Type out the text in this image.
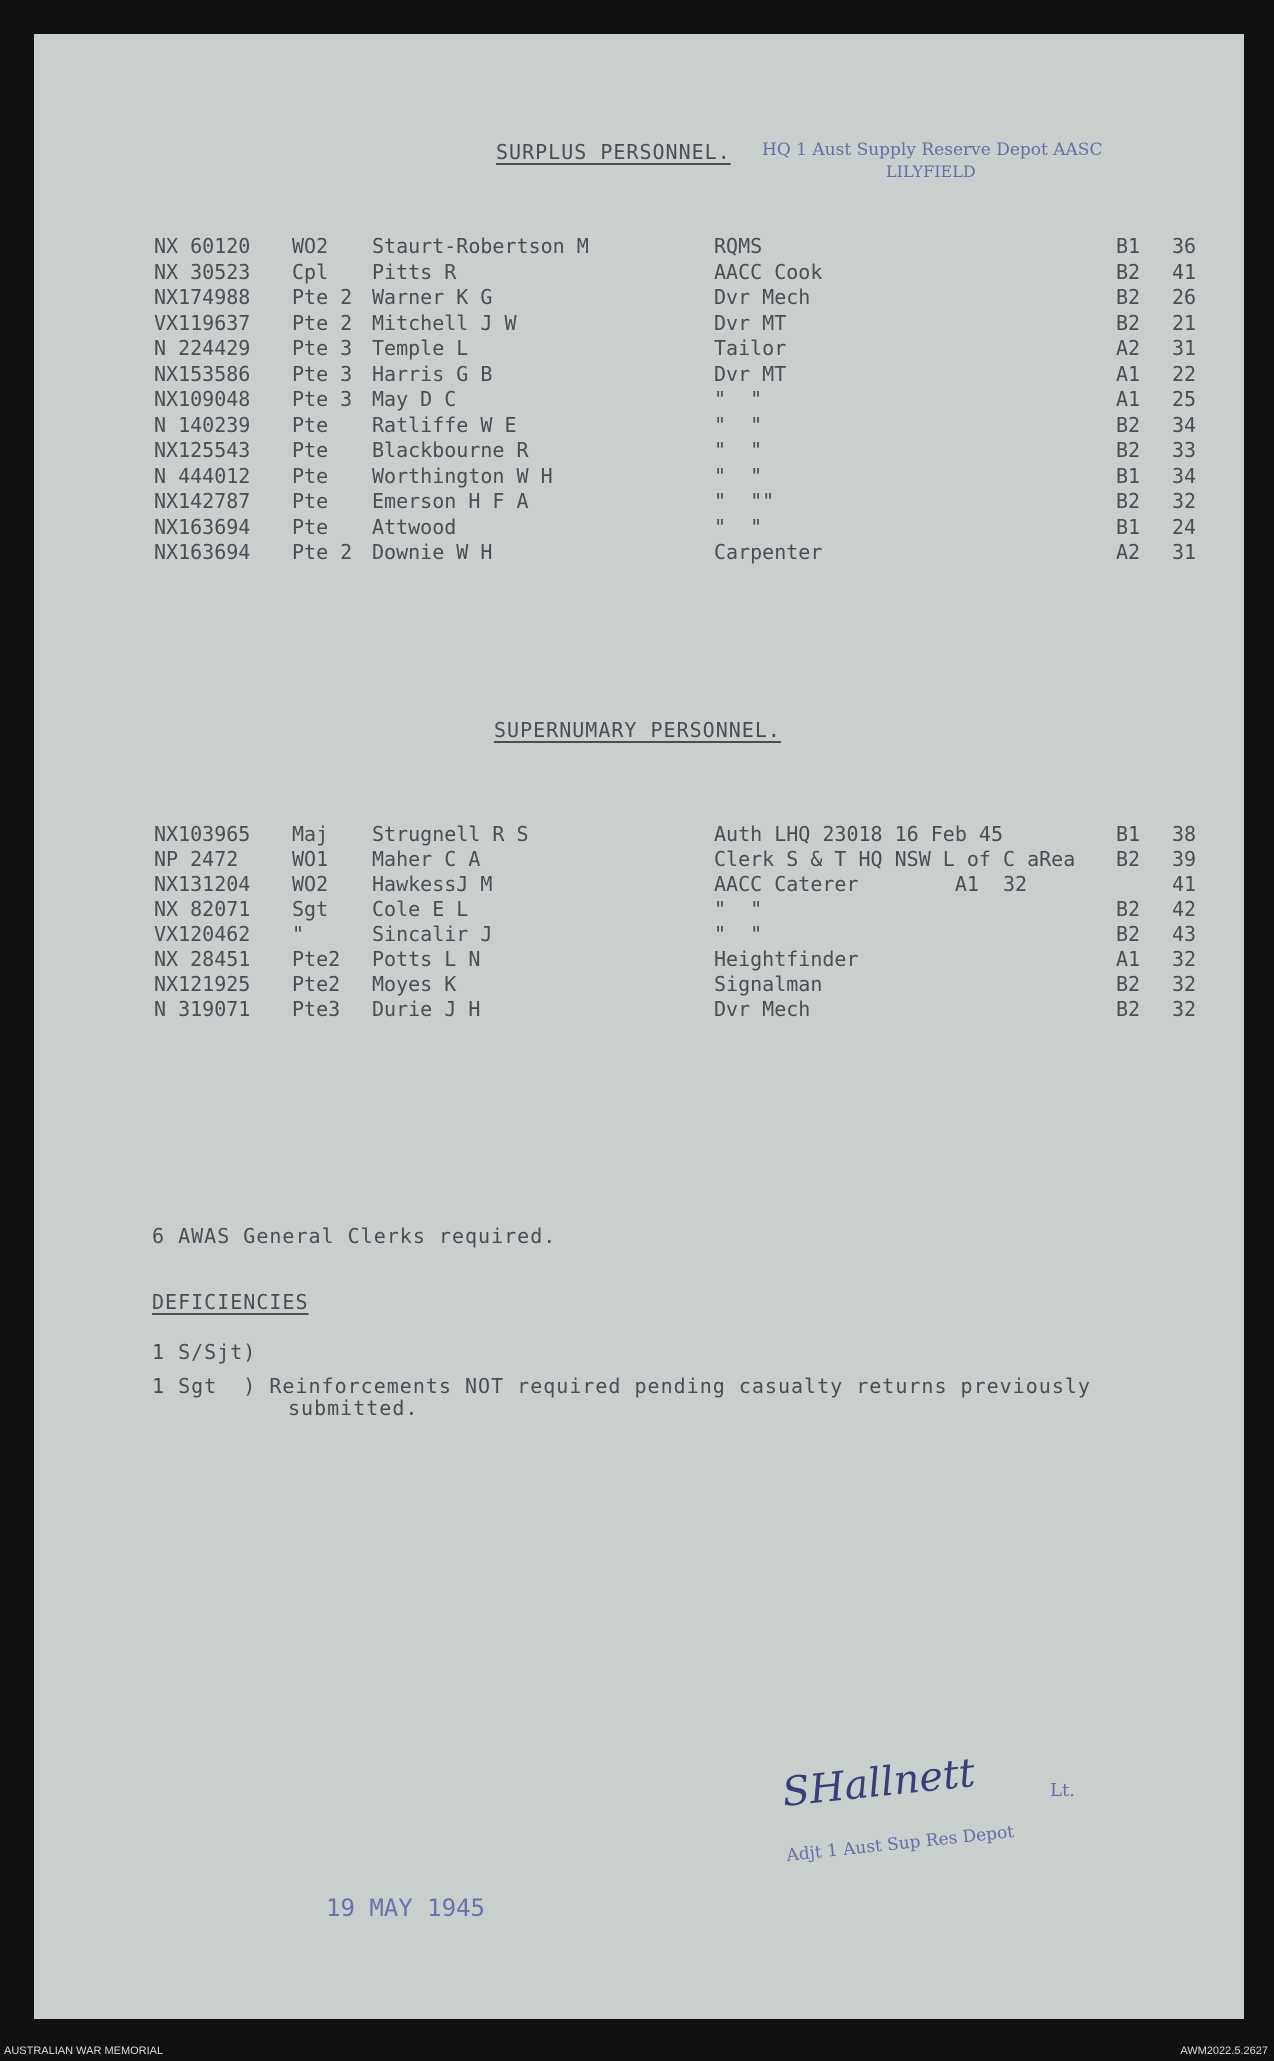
SURPLUS PERSONNEL. HQ 1 Aust Supply Reserve Depot AASC
LILYFIELD
NX 60120 WO2 Staurt-Robertson M	RQMS	B1 36
NX 30523 Cpl Pitts R	AACC Cook	B2 41
NX174988 Pte 2 Warner K G	Dvr Mech	B2 26
VX119637 Pte 2 Mitchell J W	Dvr MT	B2 21
N 224429 Pte 3 Temple L	Tailor	A2 31
NX153586 Pte 3 Harris G B	Dvr MT	A1 22
NX109048 Pte 3 May D C	"  "	A1 25
N 140239 Pte Ratliffe W E	"  "	B2 34
NX125543 Pte Blackbourne R	"  "	B2 33
N 444012 Pte Worthington W H	"  "	B1 34
NX142787 Pte Emerson H F A	"  ""	B2 32
NX163694 Pte Attwood	"  "	B1 24
NX163694 Pte 2 Downie W H	Carpenter	A2 31
SUPERNUMARY PERSONNEL.
NX103965 Maj Strugnell R S	Auth LHQ 23018 16 Feb 45	B1 38
NP 2472	WO1 Maher C A	Clerk S & T HQ NSW L of C aRea B2 39
NX131204 WO2 HawkessJ M	AACC Caterer        A1  32	41
NX 82071 Sgt Cole E L	"  "	B2 42
VX120462 "	Sincalir J	"  "	B2 43
NX 28451 Pte2 Potts L N	Heightfinder	A1 32
NX121925 Pte2 Moyes K	Signalman	B2 32
N 319071 Pte3 Durie J H	Dvr Mech	B2 32
6 AWAS General Clerks required.
DEFICIENCIES
1 S/Sjt)
1 Sgt  ) Reinforcements NOT required pending casualty returns previously
submitted.
SHallnett	Lt.
Adjt 1 Aust Sup Res Depot
19 MAY 1945
AUSTRALIAN WAR MEMORIAL	AWM2022.5.2627
